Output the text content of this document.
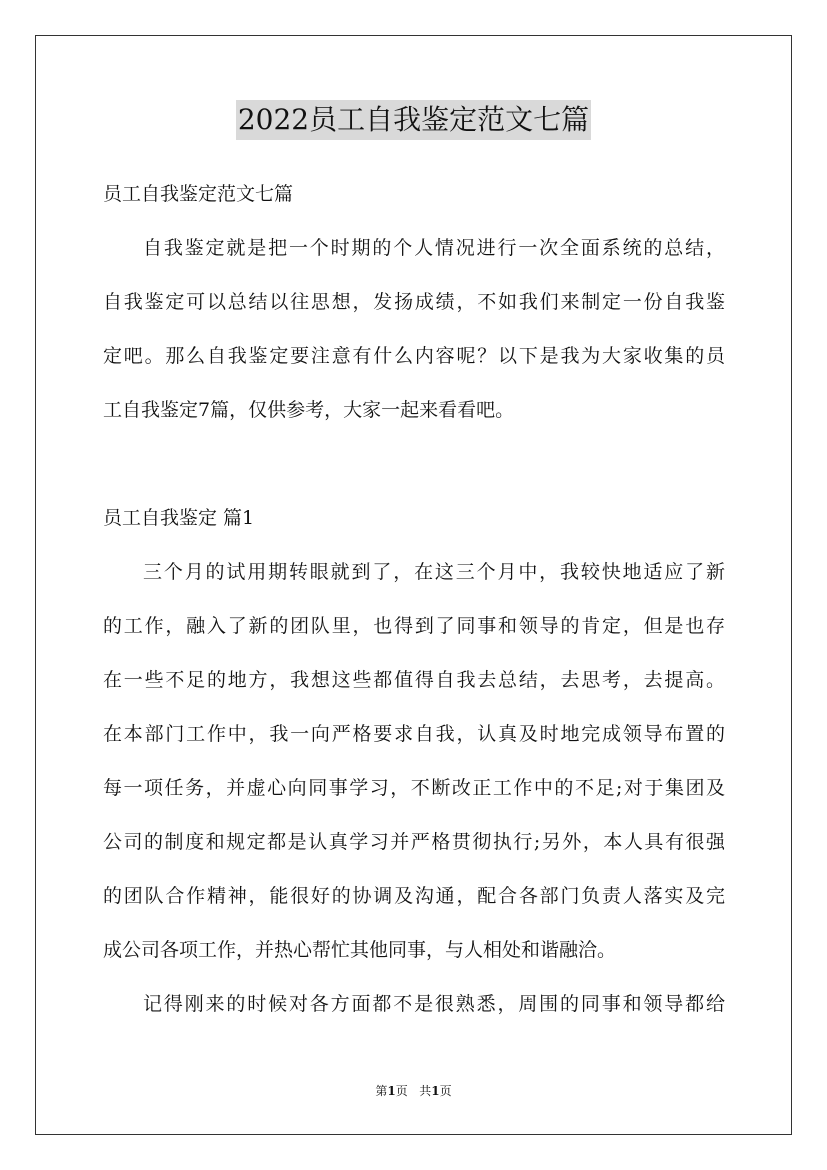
2022员工自我鉴定范文七篇
员工自我鉴定范文七篇
自我鉴定就是把一个时期的个人情况进行一次全面系统的总结，
自我鉴定可以总结以往思想，发扬成绩，不如我们来制定一份自我鉴
定吧。那么自我鉴定要注意有什么内容呢？以下是我为大家收集的员
工自我鉴定7篇，仅供参考，大家一起来看看吧。
员工自我鉴定 篇1
三个月的试用期转眼就到了，在这三个月中，我较快地适应了新
的工作，融入了新的团队里，也得到了同事和领导的肯定，但是也存
在一些不足的地方，我想这些都值得自我去总结，去思考，去提高。
在本部门工作中，我一向严格要求自我，认真及时地完成领导布置的
每一项任务，并虚心向同事学习，不断改正工作中的不足;对于集团及
公司的制度和规定都是认真学习并严格贯彻执行;另外，本人具有很强
的团队合作精神，能很好的协调及沟通，配合各部门负责人落实及完
成公司各项工作，并热心帮忙其他同事，与人相处和谐融洽。
记得刚来的时候对各方面都不是很熟悉，周围的同事和领导都给
第1页 共1页
